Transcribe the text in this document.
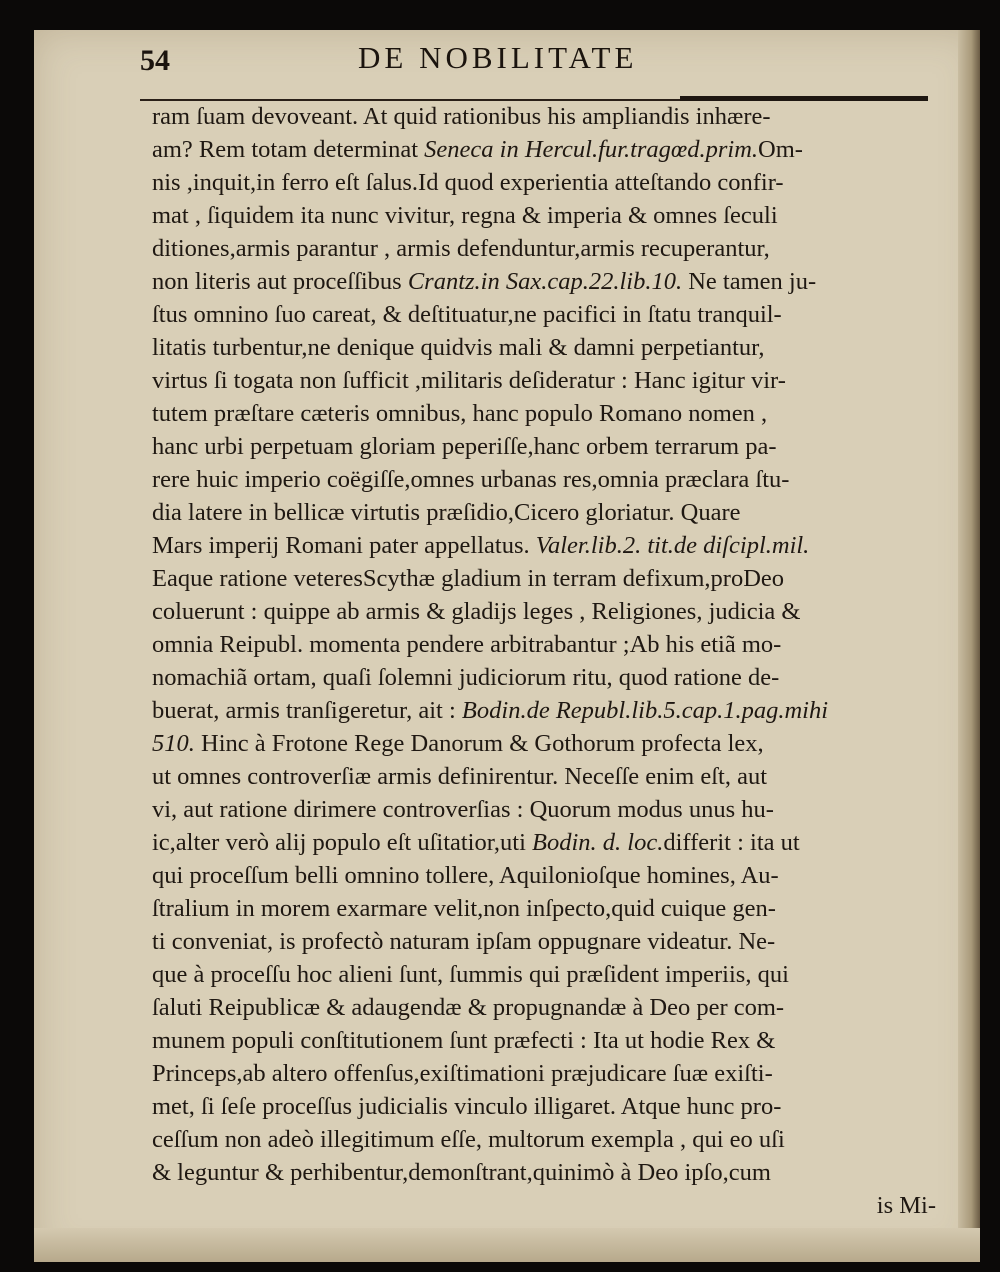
54	DE NOBILITATE
ram ſuam devoveant. At quid rationibus his ampliandis inhære-
am? Rem totam determinat Seneca in Hercul.fur.tragœd.prim.Om-
nis ,inquit,in ferro eſt ſalus.Id quod experientia atteſtando confir-
mat , ſiquidem ita nunc vivitur, regna & imperia & omnes ſeculi
ditiones,armis parantur , armis defenduntur,armis recuperantur,
non literis aut proceſſibus Crantz.in Sax.cap.22.lib.10. Ne tamen ju-
ſtus omnino ſuo careat, & deſtituatur,ne pacifici in ſtatu tranquil-
litatis turbentur,ne denique quidvis mali & damni perpetiantur,
virtus ſi togata non ſufficit ,militaris deſideratur : Hanc igitur vir-
tutem præſtare cæteris omnibus, hanc populo Romano nomen ,
hanc urbi perpetuam gloriam peperiſſe,hanc orbem terrarum pa-
rere huic imperio coëgiſſe,omnes urbanas res,omnia præclara ſtu-
dia latere in bellicæ virtutis præſidio,Cicero gloriatur. Quare
Mars imperij Romani pater appellatus. Valer.lib.2. tit.de diſcipl.mil.
Eaque ratione veteresScythæ gladium in terram defixum,proDeo
coluerunt : quippe ab armis & gladijs leges , Religiones, judicia &
omnia Reipubl. momenta pendere arbitrabantur ;Ab his etiã mo-
nomachiã ortam, quaſi ſolemni judiciorum ritu, quod ratione de-
buerat, armis tranſigeretur, ait : Bodin.de Republ.lib.5.cap.1.pag.mihi
510. Hinc à Frotone Rege Danorum & Gothorum profecta lex,
ut omnes controverſiæ armis definirentur. Neceſſe enim eſt, aut
vi, aut ratione dirimere controverſias : Quorum modus unus hu-
ic,alter verò alij populo eſt uſitatior,uti Bodin. d. loc.differit : ita ut
qui proceſſum belli omnino tollere, Aquilonioſque homines, Au-
ſtralium in morem exarmare velit,non inſpecto,quid cuique gen-
ti conveniat, is profectò naturam ipſam oppugnare videatur. Ne-
que à proceſſu hoc alieni ſunt, ſummis qui præſident imperiis, qui
ſaluti Reipublicæ & adaugendæ & propugnandæ à Deo per com-
munem populi conſtitutionem ſunt præfecti : Ita ut hodie Rex &
Princeps,ab altero offenſus,exiſtimationi præjudicare ſuæ exiſti-
met, ſi ſeſe proceſſus judicialis vinculo illigaret. Atque hunc pro-
ceſſum non adeò illegitimum eſſe, multorum exempla , qui eo uſi
& leguntur & perhibentur,demonſtrant,quinimò à Deo ipſo,cum
is Mi-
